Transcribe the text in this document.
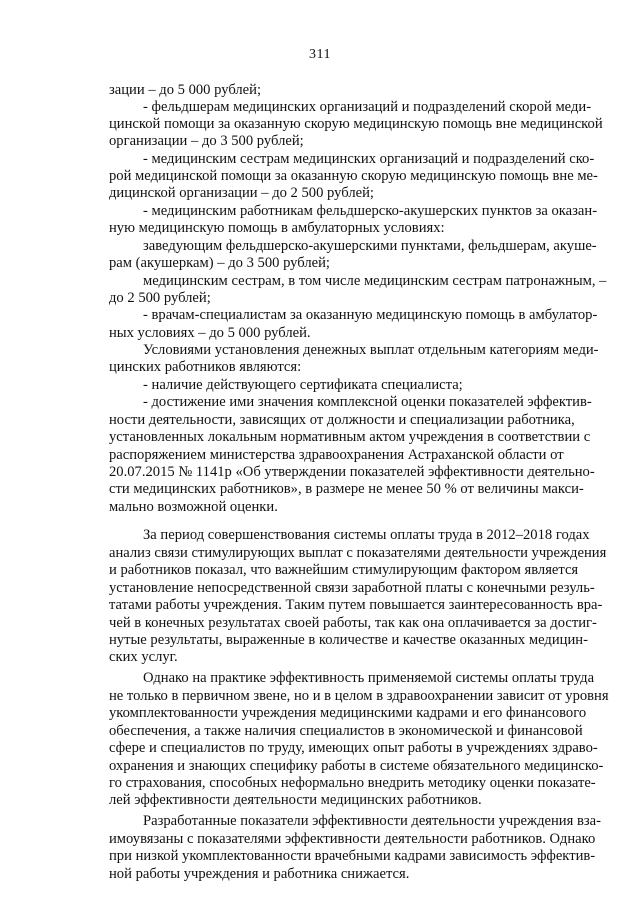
311
зации – до 5 000 рублей;
- фельдшерам медицинских организаций и подразделений скорой меди-
цинской помощи за оказанную скорую медицинскую помощь вне медицинской
организации – до 3 500 рублей;
- медицинским сестрам медицинских организаций и подразделений ско-
рой медицинской помощи за оказанную скорую медицинскую помощь вне ме-
дицинской организации – до 2 500 рублей;
- медицинским работникам фельдшерско-акушерских пунктов за оказан-
ную медицинскую помощь в амбулаторных условиях:
заведующим фельдшерско-акушерскими пунктами, фельдшерам, акуше-
рам (акушеркам) – до 3 500 рублей;
медицинским сестрам, в том числе медицинским сестрам патронажным, –
до 2 500 рублей;
- врачам-специалистам за оказанную медицинскую помощь в амбулатор-
ных условиях – до 5 000 рублей.
Условиями установления денежных выплат отдельным категориям меди-
цинских работников являются:
- наличие действующего сертификата специалиста;
- достижение ими значения комплексной оценки показателей эффектив-
ности деятельности, зависящих от должности и специализации работника,
установленных локальным нормативным актом учреждения в соответствии с
распоряжением министерства здравоохранения Астраханской области от
20.07.2015 № 1141р «Об утверждении показателей эффективности деятельно-
сти медицинских работников», в размере не менее 50 % от величины макси-
мально возможной оценки.
За период совершенствования системы оплаты труда в 2012–2018 годах
анализ связи стимулирующих выплат с показателями деятельности учреждения
и работников показал, что важнейшим стимулирующим фактором является
установление непосредственной связи заработной платы с конечными резуль-
татами работы учреждения. Таким путем повышается заинтересованность вра-
чей в конечных результатах своей работы, так как она оплачивается за достиг-
нутые результаты, выраженные в количестве и качестве оказанных медицин-
ских услуг.
Однако на практике эффективность применяемой системы оплаты труда
не только в первичном звене, но и в целом в здравоохранении зависит от уровня
укомплектованности учреждения медицинскими кадрами и его финансового
обеспечения, а также наличия специалистов в экономической и финансовой
сфере и специалистов по труду, имеющих опыт работы в учреждениях здраво-
охранения и знающих специфику работы в системе обязательного медицинско-
го страхования, способных неформально внедрить методику оценки показате-
лей эффективности деятельности медицинских работников.
Разработанные показатели эффективности деятельности учреждения вза-
имоувязаны с показателями эффективности деятельности работников. Однако
при низкой укомплектованности врачебными кадрами зависимость эффектив-
ной работы учреждения и работника снижается.
